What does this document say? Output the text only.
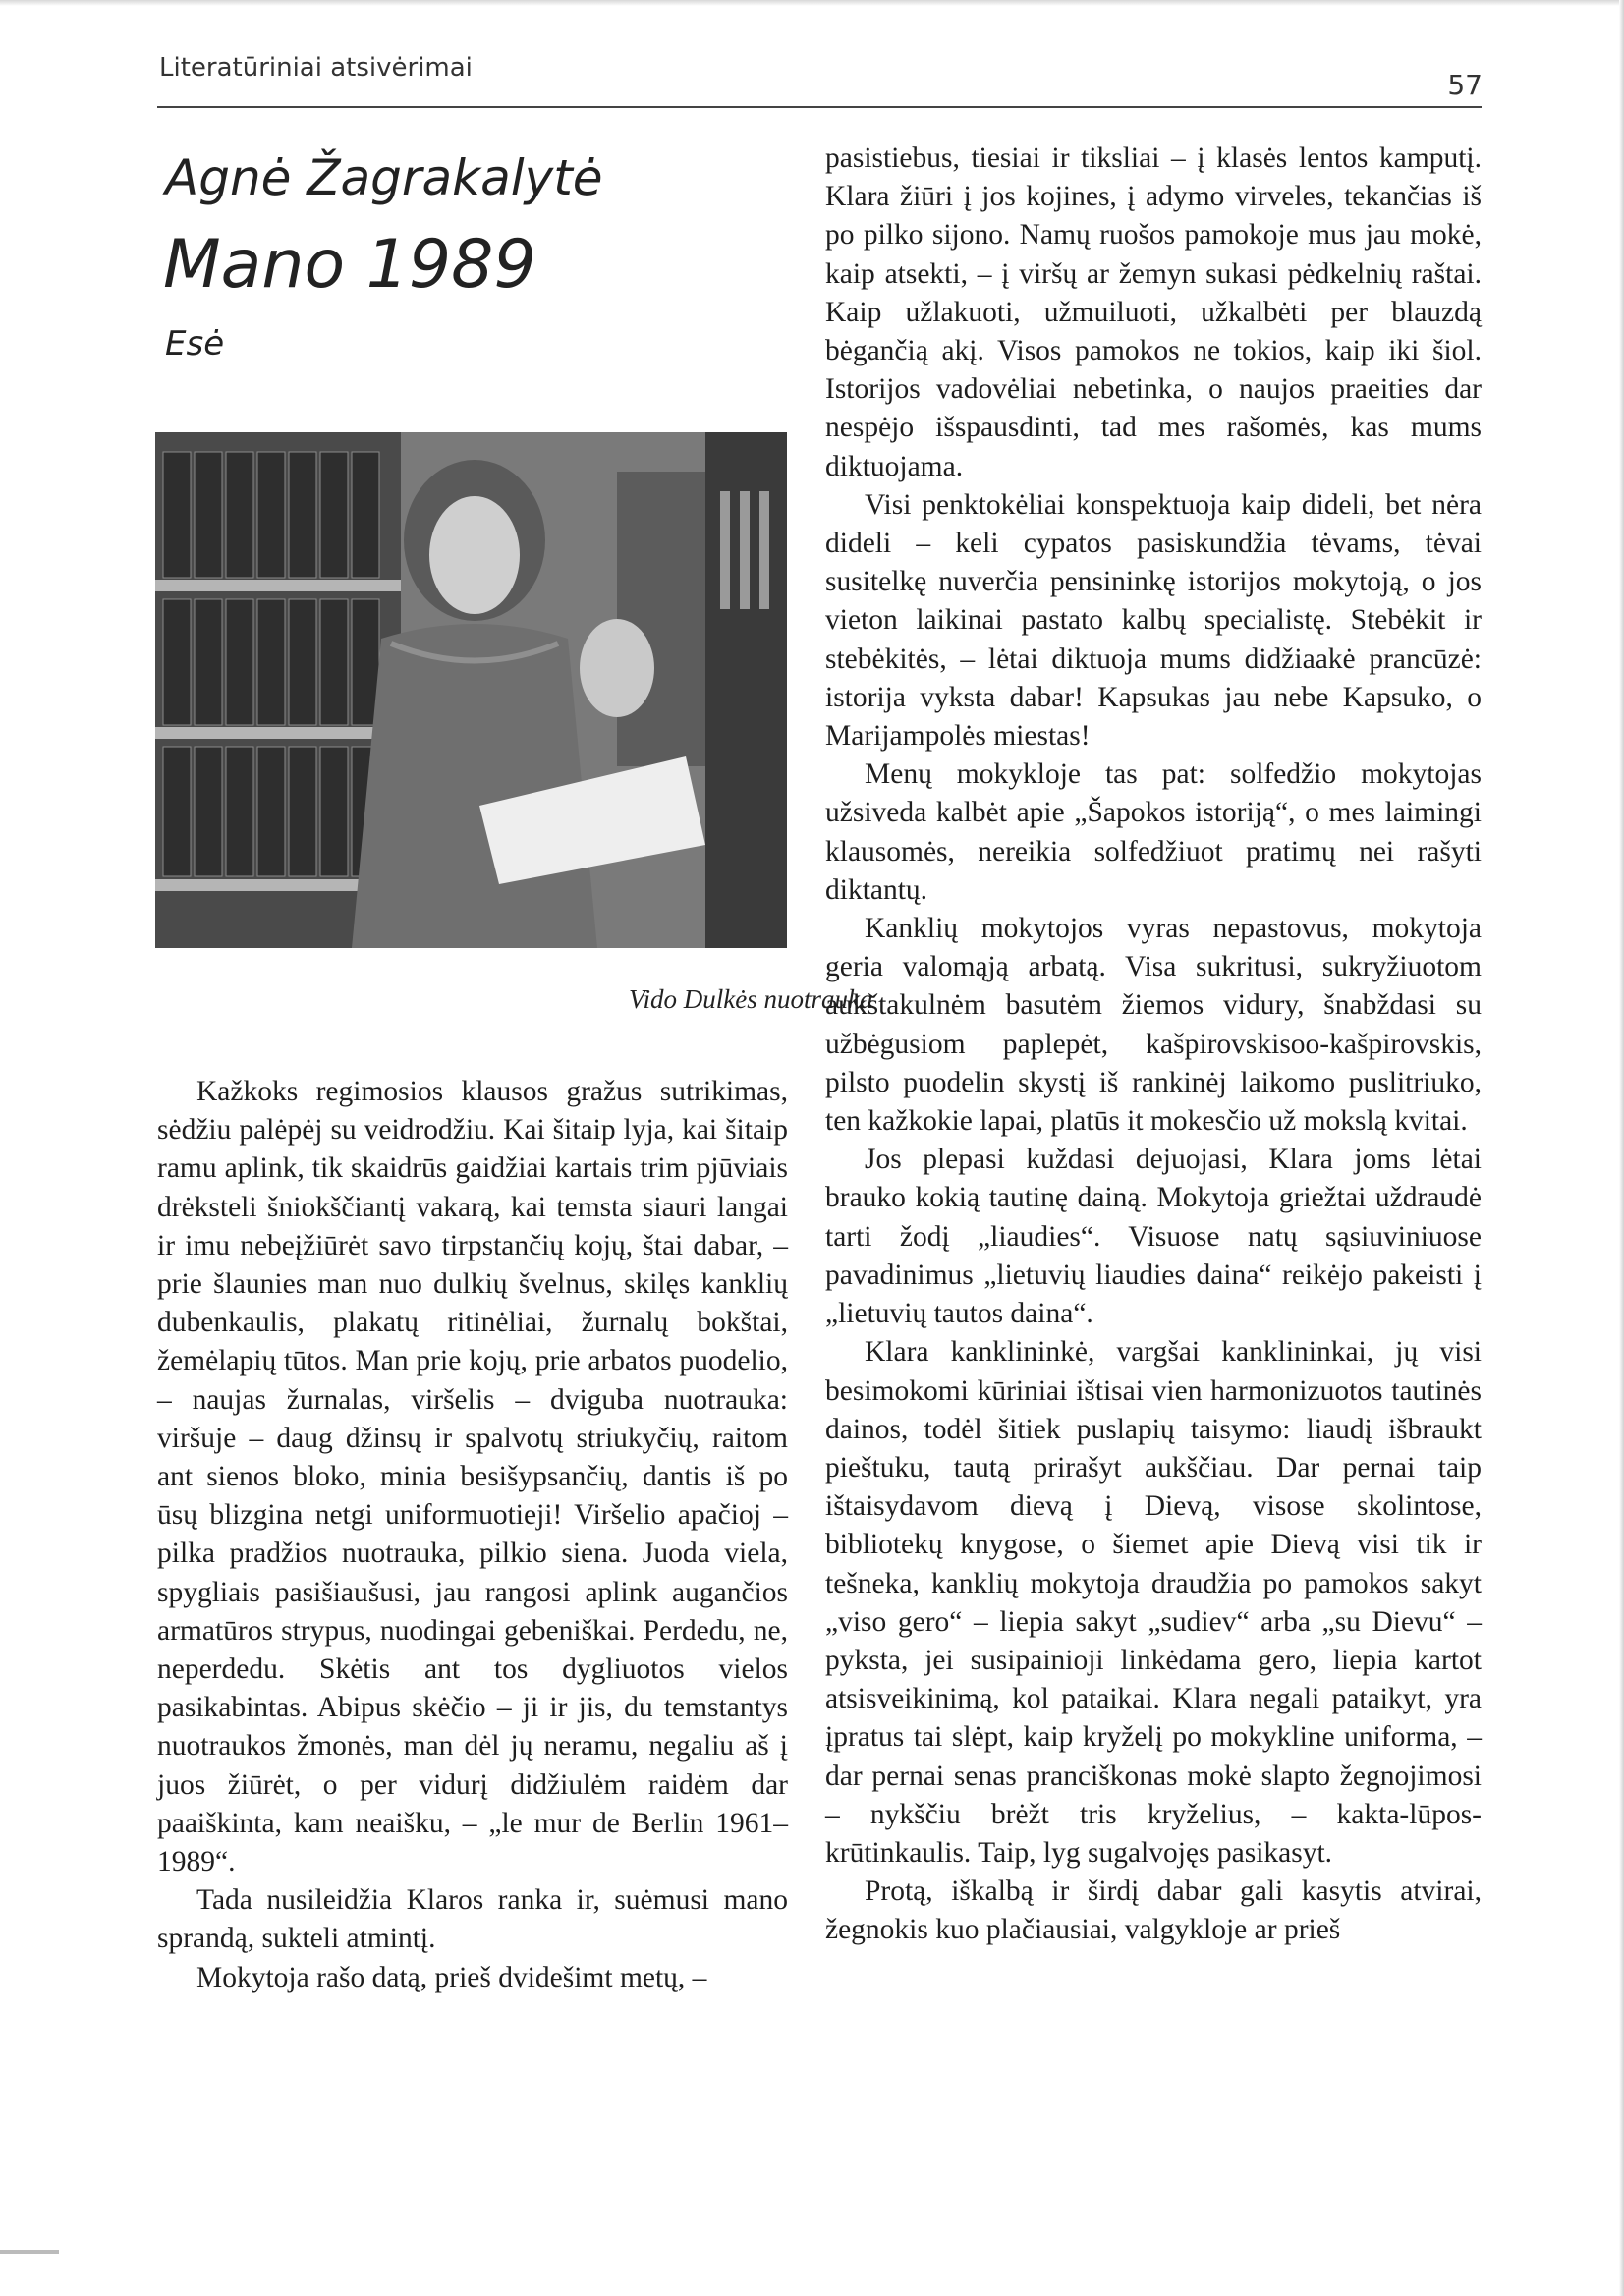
Literatūriniai atsivėrimai
57
Agnė Žagrakalytė
Mano 1989
Esė
Vido Dulkės nuotrauka

Kažkoks regimosios klausos gražus sutrikimas, sėdžiu palėpėj su veidrodžiu. Kai šitaip lyja, kai šitaip ramu aplink, tik skaidrūs gaidžiai kartais trim pjūviais drėksteli šniokščiantį vakarą, kai temsta siauri langai ir imu nebeįžiūrėt savo tirpstančių kojų, štai dabar, – prie šlaunies man nuo dulkių švelnus, skilęs kanklių dubenkaulis, plakatų ritinėliai, žurnalų bokštai, žemėlapių tūtos. Man prie kojų, prie arbatos puodelio, – naujas žurnalas, viršelis – dviguba nuotrauka: viršuje – daug džinsų ir spalvotų striukyčių, raitom ant sienos bloko, minia besišypsančių, dantis iš po ūsų blizgina netgi uniformuotieji! Viršelio apačioj – pilka pradžios nuotrauka, pilkio siena. Juoda viela, spygliais pasišiaušusi, jau rangosi aplink augančios armatūros strypus, nuodingai gebeniškai. Perdedu, ne, neperdedu. Skėtis ant tos dygliuotos vielos pasikabintas. Abipus skėčio – ji ir jis, du temstantys nuotraukos žmonės, man dėl jų neramu, negaliu aš į juos žiūrėt, o per vidurį didžiulėm raidėm dar paaiškinta, kam neaišku, – „le mur de Berlin 1961–1989“.

Tada nusileidžia Klaros ranka ir, suėmusi mano sprandą, sukteli atmintį.

Mokytoja rašo datą, prieš dvidešimt metų, –

pasistiebus, tiesiai ir tiksliai – į klasės lentos kamputį. Klara žiūri į jos kojines, į adymo virveles, tekančias iš po pilko sijono. Namų ruošos pamokoje mus jau mokė, kaip atsekti, – į viršų ar žemyn sukasi pėdkelnių raštai. Kaip užlakuoti, užmuiluoti, užkalbėti per blauzdą bėgančią akį. Visos pamokos ne tokios, kaip iki šiol. Istorijos vadovėliai nebetinka, o naujos praeities dar nespėjo išspausdinti, tad mes rašomės, kas mums diktuojama.

Visi penktokėliai konspektuoja kaip dideli, bet nėra dideli – keli cypatos pasiskundžia tėvams, tėvai susitelkę nuverčia pensininkę istorijos mokytoją, o jos vieton laikinai pastato kalbų specialistę. Stebėkit ir stebėkitės, – lėtai diktuoja mums didžiaakė prancūzė: istorija vyksta dabar! Kapsukas jau nebe Kapsuko, o Marijampolės miestas!

Menų mokykloje tas pat: solfedžio mokytojas užsiveda kalbėt apie „Šapokos istoriją“, o mes laimingi klausomės, nereikia solfedžiuot pratimų nei rašyti diktantų.

Kanklių mokytojos vyras nepastovus, mokytoja geria valomąją arbatą. Visa sukritusi, sukryžiuotom aukštakulnėm basutėm žiemos vidury, šnabždasi su užbėgusiom paplepėt, kašpirovskisoo-kašpirovskis, pilsto puodelin skystį iš rankinėj laikomo puslitriuko, ten kažkokie lapai, platūs it mokesčio už mokslą kvitai.

Jos plepasi kuždasi dejuojasi, Klara joms lėtai brauko kokią tautinę dainą. Mokytoja griežtai uždraudė tarti žodį „liaudies“. Visuose natų sąsiuviniuose pavadinimus „lietuvių liaudies daina“ reikėjo pakeisti į „lietuvių tautos daina“.

Klara kanklininkė, vargšai kanklininkai, jų visi besimokomi kūriniai ištisai vien harmonizuotos tautinės dainos, todėl šitiek puslapių taisymo: liaudį išbraukt pieštuku, tautą prirašyt aukščiau. Dar pernai taip ištaisydavom dievą į Dievą, visose skolintose, bibliotekų knygose, o šiemet apie Dievą visi tik ir tešneka, kanklių mokytoja draudžia po pamokos sakyt „viso gero“ – liepia sakyt „sudiev“ arba „su Dievu“ – pyksta, jei susipainioji linkėdama gero, liepia kartot atsisveikinimą, kol pataikai. Klara negali pataikyt, yra įpratus tai slėpt, kaip kryželį po mokykline uniforma, – dar pernai senas pranciškonas mokė slapto žegnojimosi – nykščiu brėžt tris kryželius, – kakta-lūpos-krūtinkaulis. Taip, lyg sugalvojęs pasikasyt.

Protą, iškalbą ir širdį dabar gali kasytis atvirai, žegnokis kuo plačiausiai, valgykloje ar prieš
